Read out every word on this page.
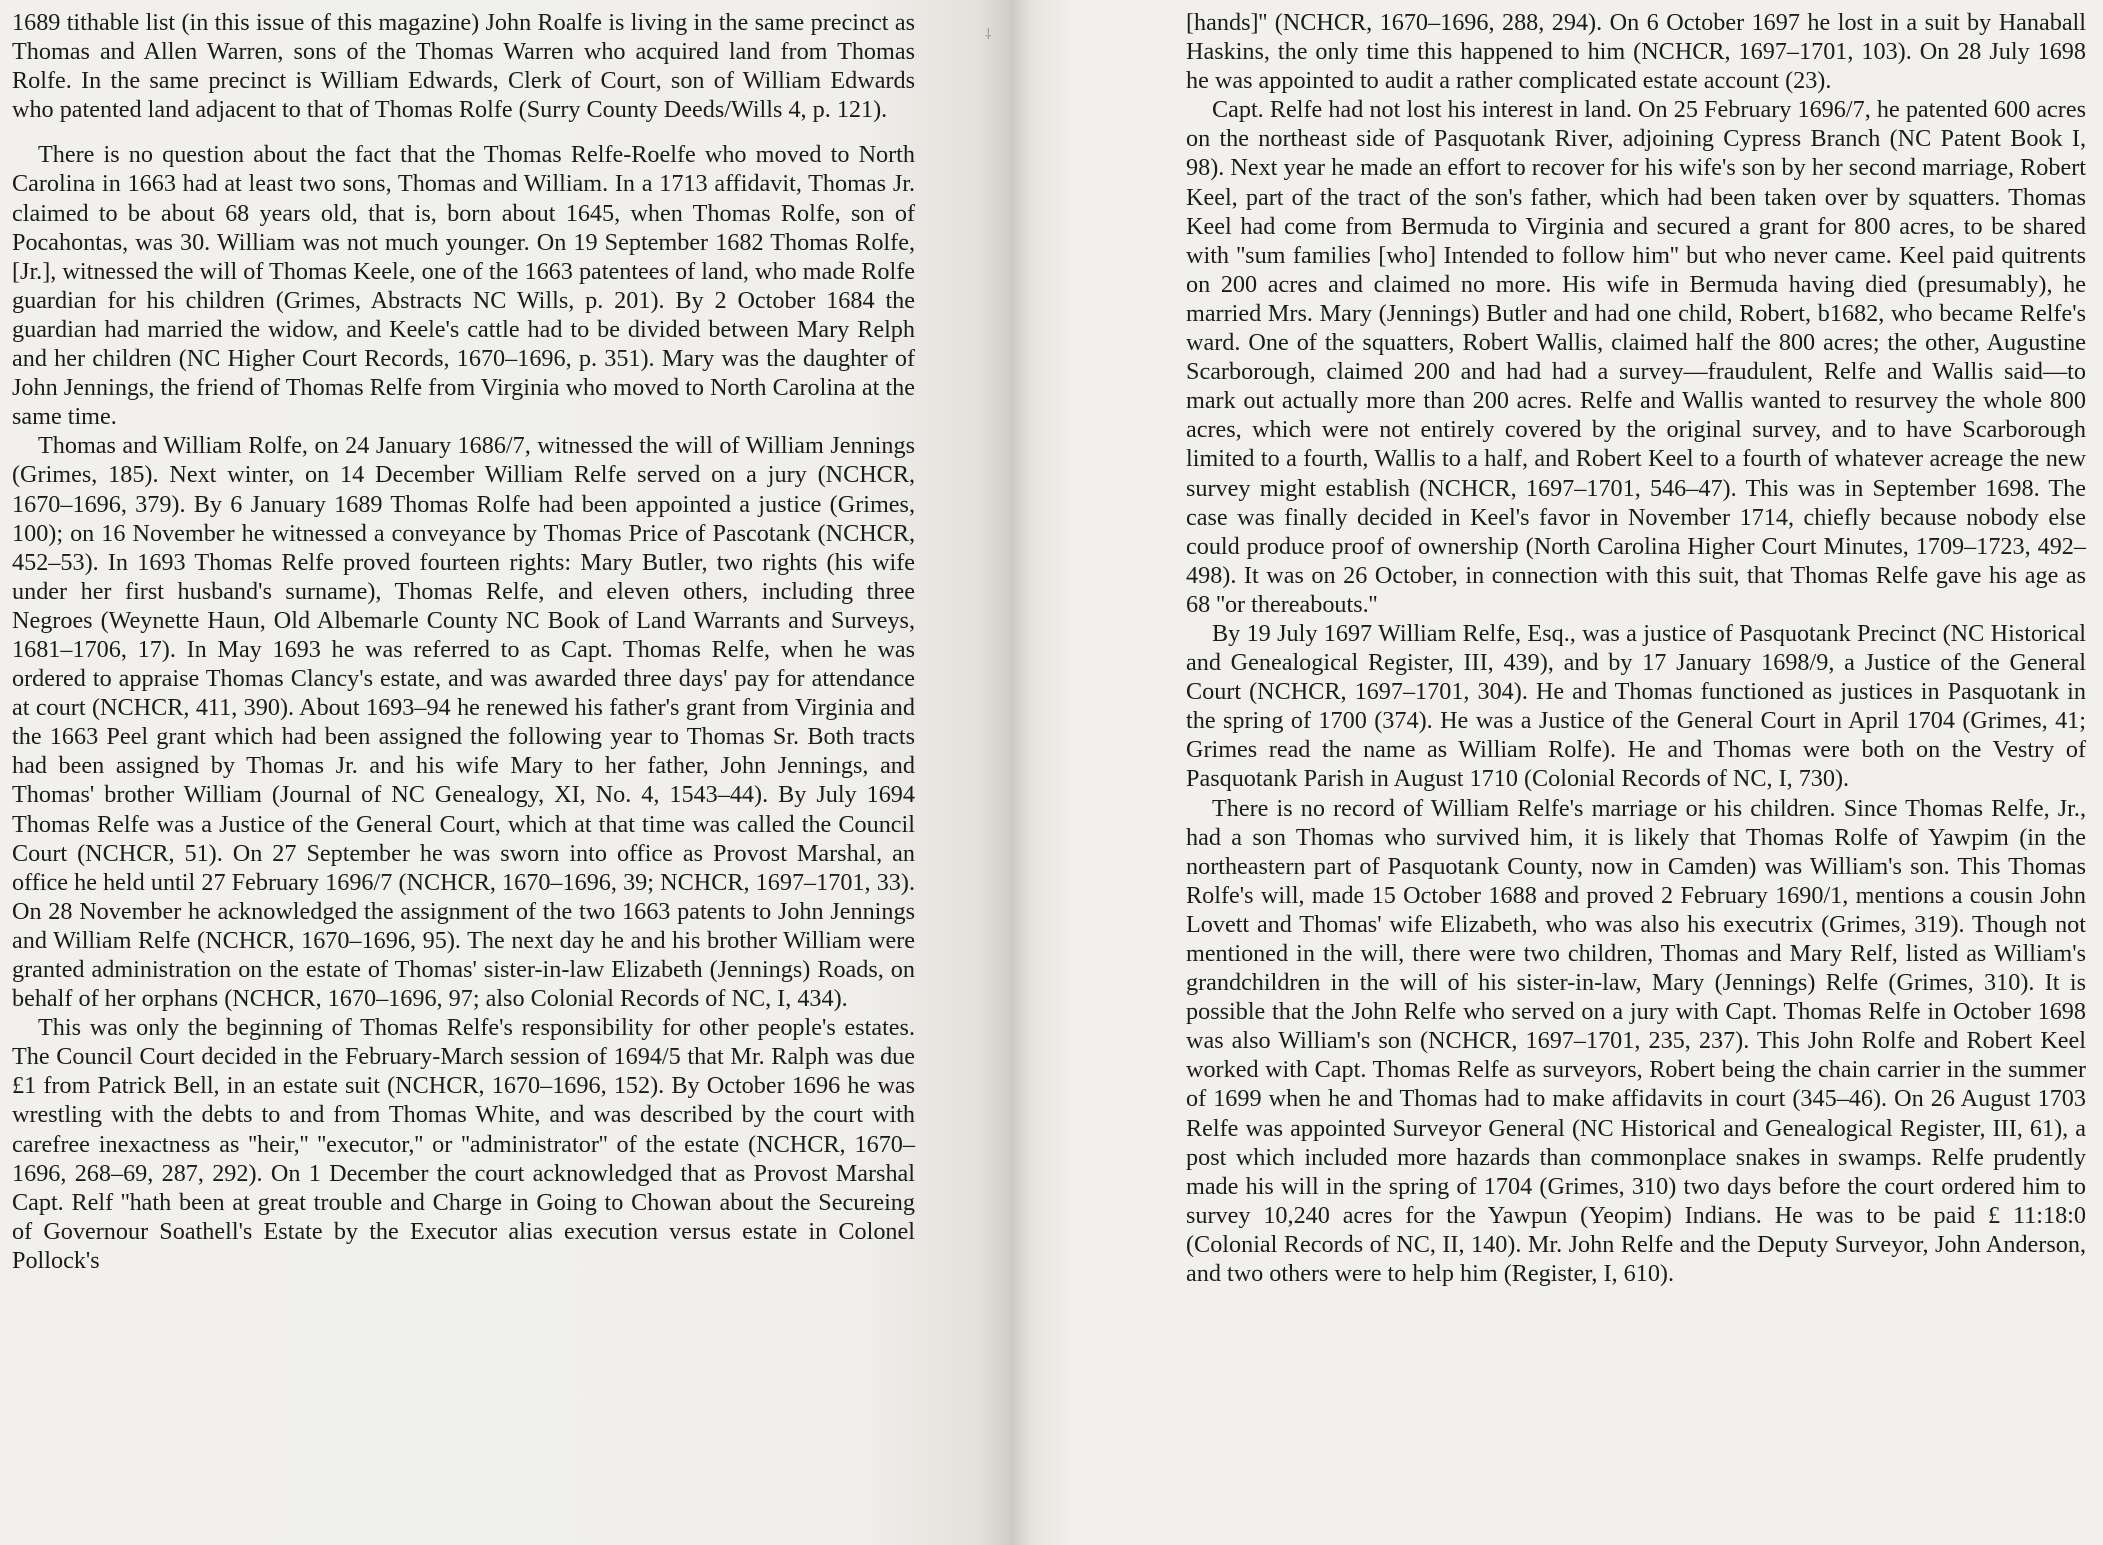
1689 tithable list (in this issue of this magazine) John Roalfe is living in the same precinct as Thomas and Allen Warren, sons of the Thomas Warren who acquired land from Thomas Rolfe. In the same precinct is William Edwards, Clerk of Court, son of William Edwards who patented land adjacent to that of Thomas Rolfe (Surry County Deeds/Wills 4, p. 121).

There is no question about the fact that the Thomas Relfe-Roelfe who moved to North Carolina in 1663 had at least two sons, Thomas and William. In a 1713 affidavit, Thomas Jr. claimed to be about 68 years old, that is, born about 1645, when Thomas Rolfe, son of Pocahontas, was 30. William was not much younger. On 19 September 1682 Thomas Rolfe, [Jr.], witnessed the will of Thomas Keele, one of the 1663 patentees of land, who made Rolfe guardian for his children (Grimes, Abstracts NC Wills, p. 201). By 2 October 1684 the guardian had married the widow, and Keele's cattle had to be divided between Mary Relph and her children (NC Higher Court Records, 1670–1696, p. 351). Mary was the daughter of John Jennings, the friend of Thomas Relfe from Virginia who moved to North Carolina at the same time.

Thomas and William Rolfe, on 24 January 1686/7, witnessed the will of William Jennings (Grimes, 185). Next winter, on 14 December William Relfe served on a jury (NCHCR, 1670–1696, 379). By 6 January 1689 Thomas Rolfe had been appointed a justice (Grimes, 100); on 16 November he witnessed a conveyance by Thomas Price of Pascotank (NCHCR, 452–53). In 1693 Thomas Relfe proved fourteen rights: Mary Butler, two rights (his wife under her first husband's surname), Thomas Relfe, and eleven others, including three Negroes (Weynette Haun, Old Albemarle County NC Book of Land Warrants and Surveys, 1681–1706, 17). In May 1693 he was referred to as Capt. Thomas Relfe, when he was ordered to appraise Thomas Clancy's estate, and was awarded three days' pay for attendance at court (NCHCR, 411, 390). About 1693–94 he renewed his father's grant from Virginia and the 1663 Peel grant which had been assigned the following year to Thomas Sr. Both tracts had been assigned by Thomas Jr. and his wife Mary to her father, John Jennings, and Thomas' brother William (Journal of NC Genealogy, XI, No. 4, 1543–44). By July 1694 Thomas Relfe was a Justice of the General Court, which at that time was called the Council Court (NCHCR, 51). On 27 September he was sworn into office as Provost Marshal, an office he held until 27 February 1696/7 (NCHCR, 1670–1696, 39; NCHCR, 1697–1701, 33). On 28 November he acknowledged the assignment of the two 1663 patents to John Jennings and William Relfe (NCHCR, 1670–1696, 95). The next day he and his brother William were granted administration on the estate of Thomas' sister-in-law Elizabeth (Jennings) Roads, on behalf of her orphans (NCHCR, 1670–1696, 97; also Colonial Records of NC, I, 434).

This was only the beginning of Thomas Relfe's responsibility for other people's estates. The Council Court decided in the February-March session of 1694/5 that Mr. Ralph was due £1 from Patrick Bell, in an estate suit (NCHCR, 1670–1696, 152). By October 1696 he was wrestling with the debts to and from Thomas White, and was described by the court with carefree inexactness as ''heir,'' ''executor,'' or ''administrator'' of the estate (NCHCR, 1670–1696, 268–69, 287, 292). On 1 December the court acknowledged that as Provost Marshal Capt. Relf ''hath been at great trouble and Charge in Going to Chowan about the Secureing of Governour Soathell's Estate by the Executor alias execution versus estate in Colonel Pollock's

⸸	[hands]'' (NCHCR, 1670–1696, 288, 294). On 6 October 1697 he lost in a suit by Hanaball Haskins, the only time this happened to him (NCHCR, 1697–1701, 103). On 28 July 1698 he was appointed to audit a rather complicated estate account (23).

Capt. Relfe had not lost his interest in land. On 25 February 1696/7, he patented 600 acres on the northeast side of Pasquotank River, adjoining Cypress Branch (NC Patent Book I, 98). Next year he made an effort to recover for his wife's son by her second marriage, Robert Keel, part of the tract of the son's father, which had been taken over by squatters. Thomas Keel had come from Bermuda to Virginia and secured a grant for 800 acres, to be shared with ''sum families [who] Intended to follow him'' but who never came. Keel paid quitrents on 200 acres and claimed no more. His wife in Bermuda having died (presumably), he married Mrs. Mary (Jennings) Butler and had one child, Robert, b1682, who became Relfe's ward. One of the squatters, Robert Wallis, claimed half the 800 acres; the other, Augustine Scarborough, claimed 200 and had had a survey—fraudulent, Relfe and Wallis said—to mark out actually more than 200 acres. Relfe and Wallis wanted to resurvey the whole 800 acres, which were not entirely covered by the original survey, and to have Scarborough limited to a fourth, Wallis to a half, and Robert Keel to a fourth of whatever acreage the new survey might establish (NCHCR, 1697–1701, 546–47). This was in September 1698. The case was finally decided in Keel's favor in November 1714, chiefly because nobody else could produce proof of ownership (North Carolina Higher Court Minutes, 1709–1723, 492–498). It was on 26 October, in connection with this suit, that Thomas Relfe gave his age as 68 ''or thereabouts.''

By 19 July 1697 William Relfe, Esq., was a justice of Pasquotank Precinct (NC Historical and Genealogical Register, III, 439), and by 17 January 1698/9, a Justice of the General Court (NCHCR, 1697–1701, 304). He and Thomas functioned as justices in Pasquotank in the spring of 1700 (374). He was a Justice of the General Court in April 1704 (Grimes, 41; Grimes read the name as William Rolfe). He and Thomas were both on the Vestry of Pasquotank Parish in August 1710 (Colonial Records of NC, I, 730).

There is no record of William Relfe's marriage or his children. Since Thomas Relfe, Jr., had a son Thomas who survived him, it is likely that Thomas Rolfe of Yawpim (in the northeastern part of Pasquotank County, now in Camden) was William's son. This Thomas Rolfe's will, made 15 October 1688 and proved 2 February 1690/1, mentions a cousin John Lovett and Thomas' wife Elizabeth, who was also his executrix (Grimes, 319). Though not mentioned in the will, there were two children, Thomas and Mary Relf, listed as William's grandchildren in the will of his sister-in-law, Mary (Jennings) Relfe (Grimes, 310). It is possible that the John Relfe who served on a jury with Capt. Thomas Relfe in October 1698 was also William's son (NCHCR, 1697–1701, 235, 237). This John Rolfe and Robert Keel worked with Capt. Thomas Relfe as surveyors, Robert being the chain carrier in the summer of 1699 when he and Thomas had to make affidavits in court (345–46). On 26 August 1703 Relfe was appointed Surveyor General (NC Historical and Genealogical Register, III, 61), a post which included more hazards than commonplace snakes in swamps. Relfe prudently made his will in the spring of 1704 (Grimes, 310) two days before the court ordered him to survey 10,240 acres for the Yawpun (Yeopim) Indians. He was to be paid £ 11:18:0 (Colonial Records of NC, II, 140). Mr. John Relfe and the Deputy Surveyor, John Anderson, and two others were to help him (Register, I, 610).
